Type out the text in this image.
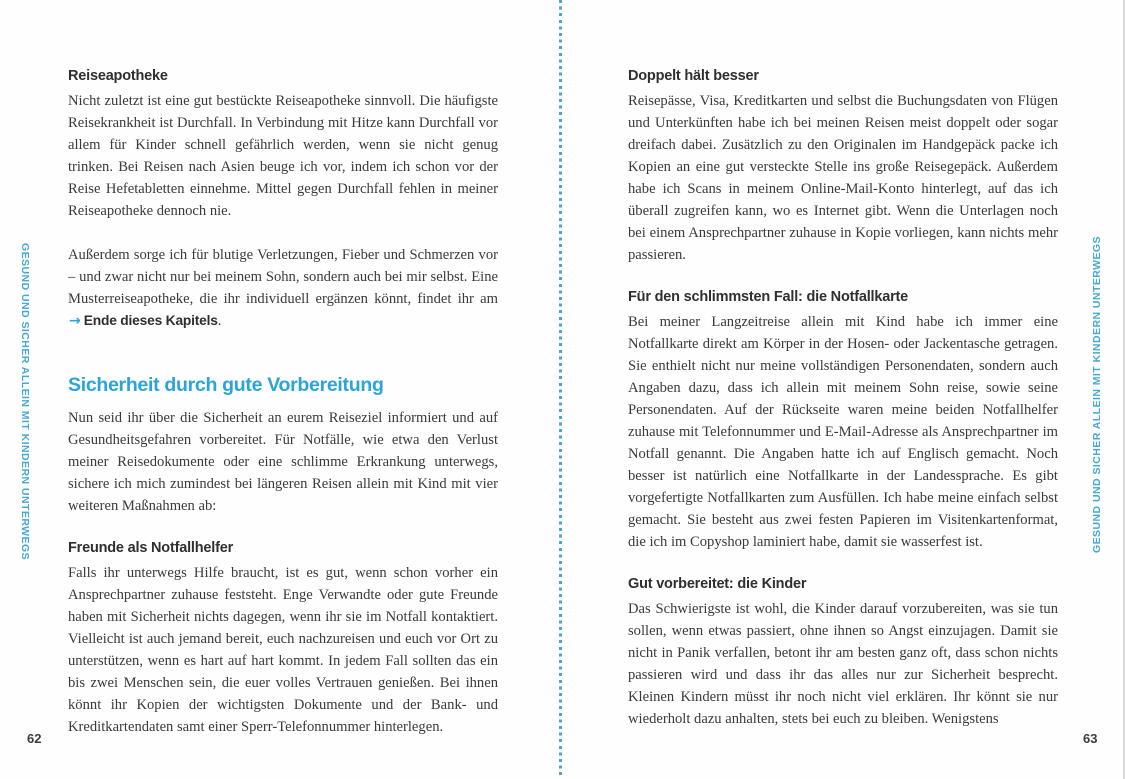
GESUND UND SICHER ALLEIN MIT KINDERN UNTERWEGS	GESUND UND SICHER ALLEIN MIT KINDERN UNTERWEGS
Reiseapotheke

Nicht zuletzt ist eine gut bestückte Reiseapotheke sinnvoll. Die häufigste Reisekrankheit ist Durchfall. In Verbindung mit Hitze kann Durchfall vor allem für Kinder schnell gefährlich werden, wenn sie nicht genug trinken. Bei Reisen nach Asien beuge ich vor, indem ich schon vor der Reise Hefetabletten einnehme. Mittel gegen Durchfall fehlen in meiner Reiseapotheke dennoch nie.

Außerdem sorge ich für blutige Verletzungen, Fieber und Schmerzen vor – und zwar nicht nur bei meinem Sohn, sondern auch bei mir selbst. Eine Musterreiseapotheke, die ihr individuell ergänzen könnt, findet ihr am → Ende dieses Kapitels.

Sicherheit durch gute Vorbereitung

Nun seid ihr über die Sicherheit an eurem Reiseziel informiert und auf Gesundheitsgefahren vorbereitet. Für Notfälle, wie etwa den Verlust meiner Reisedokumente oder eine schlimme Erkrankung unterwegs, sichere ich mich zumindest bei längeren Reisen allein mit Kind mit vier weiteren Maßnahmen ab:

Freunde als Notfallhelfer

Falls ihr unterwegs Hilfe braucht, ist es gut, wenn schon vorher ein Ansprechpartner zuhause feststeht. Enge Verwandte oder gute Freunde haben mit Sicherheit nichts dagegen, wenn ihr sie im Notfall kontaktiert. Vielleicht ist auch jemand bereit, euch nachzureisen und euch vor Ort zu unterstützen, wenn es hart auf hart kommt. In jedem Fall sollten das ein bis zwei Menschen sein, die euer volles Vertrauen genießen. Bei ihnen könnt ihr Kopien der wichtigsten Dokumente und der Bank- und Kreditkartendaten samt einer Sperr-Telefonnummer hinterlegen.

Doppelt hält besser

Reisepässe, Visa, Kreditkarten und selbst die Buchungsdaten von Flügen und Unterkünften habe ich bei meinen Reisen meist doppelt oder sogar dreifach dabei. Zusätzlich zu den Originalen im Handgepäck packe ich Kopien an eine gut versteckte Stelle ins große Reisegepäck. Außerdem habe ich Scans in meinem Online-Mail-Konto hinterlegt, auf das ich überall zugreifen kann, wo es Internet gibt. Wenn die Unterlagen noch bei einem Ansprechpartner zuhause in Kopie vorliegen, kann nichts mehr passieren.

Für den schlimmsten Fall: die Notfallkarte

Bei meiner Langzeitreise allein mit Kind habe ich immer eine Notfallkarte direkt am Körper in der Hosen- oder Jackentasche getragen. Sie enthielt nicht nur meine vollständigen Personendaten, sondern auch Angaben dazu, dass ich allein mit meinem Sohn reise, sowie seine Personendaten. Auf der Rückseite waren meine beiden Notfallhelfer zuhause mit Telefonnummer und E-Mail-Adresse als Ansprechpartner im Notfall genannt. Die Angaben hatte ich auf Englisch gemacht. Noch besser ist natürlich eine Notfallkarte in der Landessprache. Es gibt vorgefertigte Notfallkarten zum Ausfüllen. Ich habe meine einfach selbst gemacht. Sie besteht aus zwei festen Papieren im Visitenkartenformat, die ich im Copyshop laminiert habe, damit sie wasserfest ist.

Gut vorbereitet: die Kinder

Das Schwierigste ist wohl, die Kinder darauf vorzubereiten, was sie tun sollen, wenn etwas passiert, ohne ihnen so Angst einzujagen. Damit sie nicht in Panik verfallen, betont ihr am besten ganz oft, dass schon nichts passieren wird und dass ihr das alles nur zur Sicherheit besprecht. Kleinen Kindern müsst ihr noch nicht viel erklären. Ihr könnt sie nur wiederholt dazu anhalten, stets bei euch zu bleiben. Wenigstens

62	63
